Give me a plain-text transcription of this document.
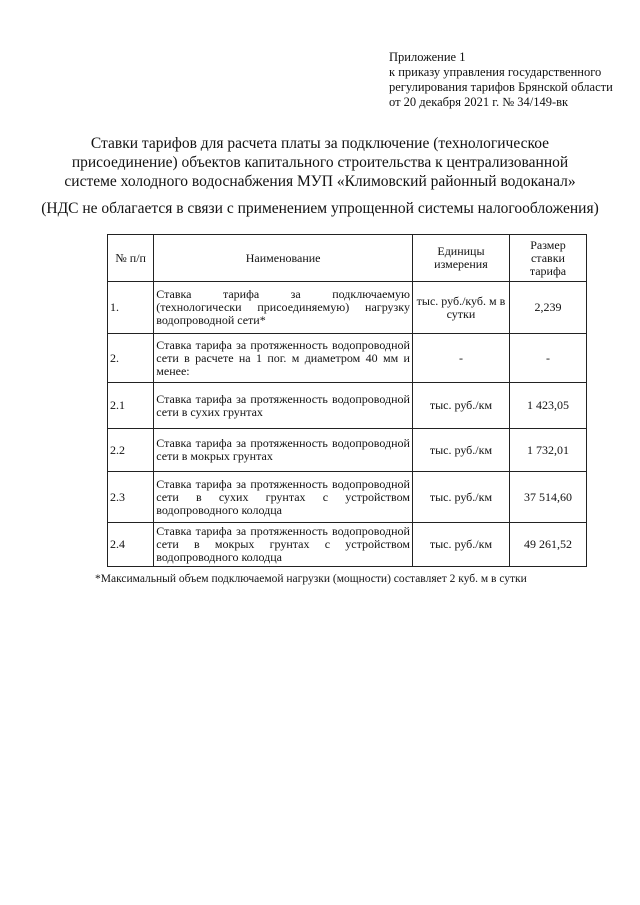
Приложение 1
к приказу управления государственного
регулирования тарифов Брянской области
от 20 декабря 2021 г. № 34/149-вк
Ставки тарифов для расчета платы за подключение (технологическое
присоединение) объектов капитального строительства к централизованной
системе холодного водоснабжения МУП «Климовский районный водоканал»
(НДС не облагается в связи с применением упрощенной системы налогообложения)
№ п/п	Наименование	Единицы измерения	Размер ставки тарифа
1.	Ставка тарифа за подключаемую (технологически присоединяемую) нагрузку водопроводной сети*	тыс. руб./куб. м в сутки	2,239
2.	Ставка тарифа за протяженность водопроводной сети в расчете на 1 пог. м диаметром 40 мм и менее:	-	-
2.1	Ставка тарифа за протяженность водопроводной сети в сухих грунтах	тыс. руб./км	1 423,05
2.2	Ставка тарифа за протяженность водопроводной сети в мокрых грунтах	тыс. руб./км	1 732,01
2.3	Ставка тарифа за протяженность водопроводной сети в сухих грунтах с устройством водопроводного колодца	тыс. руб./км	37 514,60
2.4	Ставка тарифа за протяженность водопроводной сети в мокрых грунтах с устройством водопроводного колодца	тыс. руб./км	49 261,52
*Максимальный объем подключаемой нагрузки (мощности) составляет 2 куб. м в сутки
